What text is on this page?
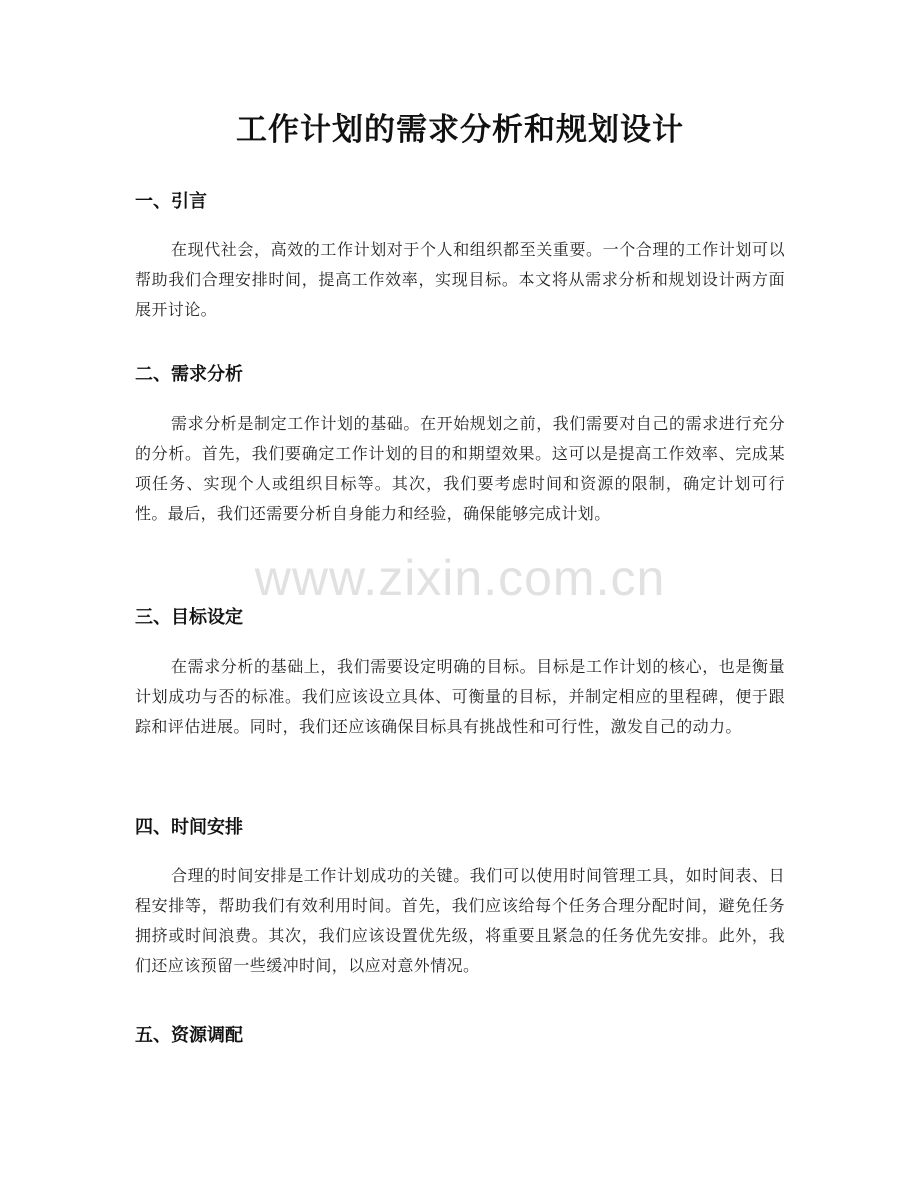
工作计划的需求分析和规划设计
一、引言
在现代社会，高效的工作计划对于个人和组织都至关重要。一个合理的工作计划可以帮助我们合理安排时间，提高工作效率，实现目标。本文将从需求分析和规划设计两方面展开讨论。
二、需求分析
需求分析是制定工作计划的基础。在开始规划之前，我们需要对自己的需求进行充分的分析。首先，我们要确定工作计划的目的和期望效果。这可以是提高工作效率、完成某项任务、实现个人或组织目标等。其次，我们要考虑时间和资源的限制，确定计划可行性。最后，我们还需要分析自身能力和经验，确保能够完成计划。
三、目标设定
在需求分析的基础上，我们需要设定明确的目标。目标是工作计划的核心，也是衡量计划成功与否的标准。我们应该设立具体、可衡量的目标，并制定相应的里程碑，便于跟踪和评估进展。同时，我们还应该确保目标具有挑战性和可行性，激发自己的动力。
四、时间安排
合理的时间安排是工作计划成功的关键。我们可以使用时间管理工具，如时间表、日程安排等，帮助我们有效利用时间。首先，我们应该给每个任务合理分配时间，避免任务拥挤或时间浪费。其次，我们应该设置优先级，将重要且紧急的任务优先安排。此外，我们还应该预留一些缓冲时间，以应对意外情况。
五、资源调配
www.zixin.com.cn
